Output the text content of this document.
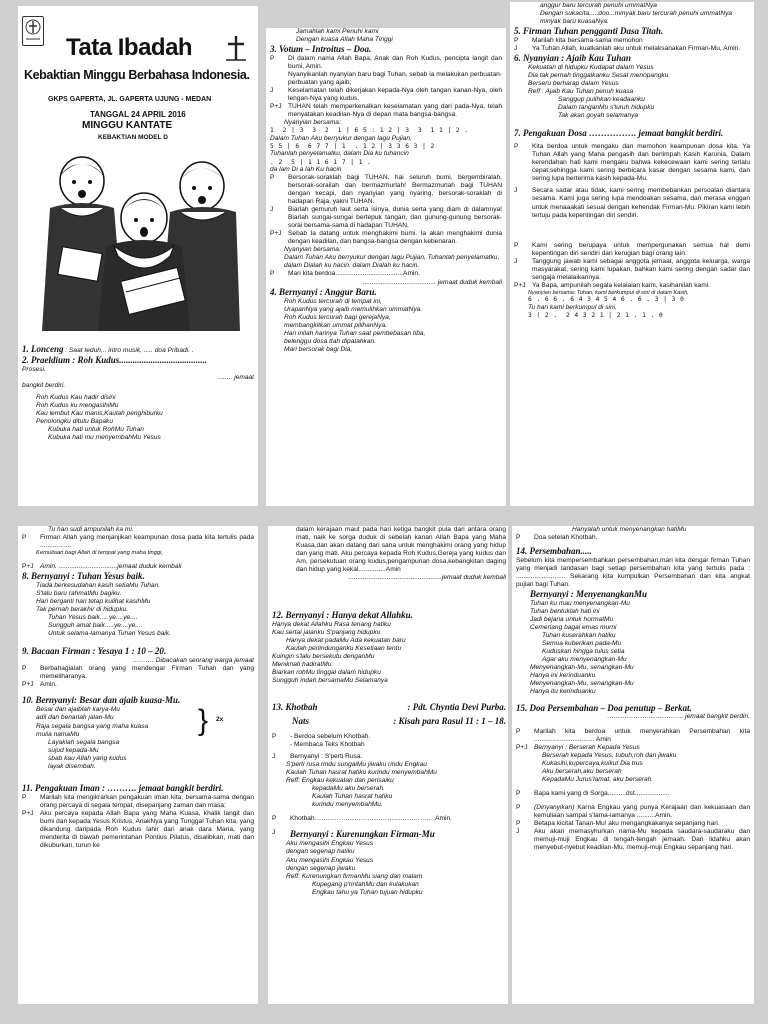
Tata Ibadah
Kebaktian Minggu Berbahasa Indonesia.
GKPS GAPERTA, JL. GAPERTA UJUNG - MEDAN
TANGGAL 24 APRIL 2016
MINGGU KANTATE
KEBAKTIAN MODEL D
1. Lonceng : Saat teduh,.. intro musik, ..... doa Pribadi. .
2. Praeldium : Roh Kudus.......................................
Prosesi.
........ jemaat
bangkit berdiri.
Roh Kudus Kau hadir disini
Roh Kudus ku mengasihiMu
Kau lembut Kau manis,Kaulah penghiburku
Penolongku ditutu Bapaku
Kubuka hati untuk RohMu Tuhan
Kubuka hati mu menyembahMu Yesus
Jamahlah kami Penuhi kami
Dengan kuasa Allah Maha Tinggi
3. Votum – Introitus – Doa.
P	Di dalam nama Allah Bapa, Anak dan Roh Kudus, pencipta langit dan bumi, Amin.
Nyanyikanlah nyanyian baru bagi Tuhan, sebab ia melakukan perbuatan-perbuatan yang ajaib;
J	Keselamatan telah dikerjakan kepada-Nya oleh tangan kanan-Nya, oleh lengan-Nya yang kudus.
P+J TUHAN telah memperkenalkan keselamatan yang dari pada-Nya, telah menyatakan keadilan-Nya di depan mata bangsa-bangsa.
Nyanyian bersama:
1  2 | 3  3  2  1 | 6 5 : 1 2 | 3  3  1 1 | 2 .
Dalam Tuhan Aku berryukur dengan lagu Pujian,
5 5 | 6  6 7 7 | 1  . 1 2 | 3 3 6 3 | 2
Tuhanlah penyelamatku, dalam Dia ku tuhancin
. 2  5 | 1 1 6 1 7 | 1 .
da lam Di a lah Ku hacin
P	Bersorak-soraklah bagi TUHAN, hai seluruh bumi, bergembiralah, bersorak-sorailah dan bermazmurlah! Bermazmurlah bagi TUHAN dengan kecapi, dan nyanyian yang nyaring, bersorak-soraklah di hadapan Raja, yakni TUHAN.
J	Biarlah gemuruh laut serta isinya, dunia serta yang diam di dalamnya! Biarlah sungai-sungai bertepuk tangan, dan gunung-gunung bersorak-sorai bersama-sama di hadapan TUHAN,
P+J Sebab Ia datang untuk menghakimi bumi. Ia akan menghakimi dunia dengan keadilan, dan bangsa-bangsa dengan kebenaran.
Nyanyian bersama:
Dalam Tuhan Aku berryukur dengan lagu Pujian, Tuhanlah penyelamatku, dalam Dialah ku hacin. dalam Dialah ku hacin.
P	Mari kita berdoa.....................................Amin.
........................................ jemaat duduk kembali
4. Bernyanyi : Anggur Baru.
Roh Kudus tercurah di tempat ini,
UrapanNya yang ajaib memulihkan ummatNya.
Roh Kudus tercurah bagi gerejaNya,
membangkitkan ummat pilihanNya.
Hari inilah harinya Tuhan saat pembebasan tiba,
belenggu dosa ttah dipatahkan.
Mari bersorak bagi Dia,
anggur baru tercurah penuhi ummatNya
Dengan sukacita.....doo...minyak baru tercurah penuhi ummatNya minyak baru kuasaNya.
5. Firman Tuhan pengganti Dasa Titah.
P	Marilah kita bersama-sama memohon
J	Ya Tuhan Allah, kuatkanlah aku untuk melaksanakan Firman-Mu, Amin.
6. Nyanyian : Ajaib Kau Tuhan
Kekuatan di hidupku Kudapat dalam Yesus
Dia tak pernah tinggalkanku Sesat menopangku
Berseru berharap dalam Yesus
Reff : Ajaib Kau Tuhan penuh kuasa
Sanggup pulihkan keadaanku
Dalam tanganMu s'luruh hidupku
Tak akan goyah selamanya
7. Pengakuan Dosa ……………. jemaat bangkit berdiri.
P	Kita berdoa untuk mengaku dan memohon keampunan dosa kita. Ya Tuhan Allah yang Maha pengasih dan berlimpah Kasih Karunia, Dalam kerendahan hati kami mengaku bahwa kekecewaan kami sering terlalu cepat,sehingga kami sering berbicara kasar dengan sesama kami, dan sering lupa berterima kasih kepada-Mu.
J	Secara sadar atau tidak, kami sering membebankan persoalan diantara sesama. Kami juga sering lupa mendoakan sesama, dan merasa enggan untuk menaaakati sesuai dengan kehendak Firman-Mu. Pikiran kami lebih tertuju pada kepentingan diri sendiri.
P	Kami sering berupaya untuk mempergunakan semua hal demi kepentingan diri sendiri dan kerugian bagi orang lain.
J	Tanggung jawab kami sebagai anggota jemaat, anggota keluarga, warga masyarakat, sering kami lupakan, bahkan kami sering dengan sadar dan sengaja melalaikannya.
P+J Ya Bapa, ampunilah segala kelalaian kami, kasihanilah kami.
Nyanyian bersama: Tuhan, kami berkumpul di sini di dalam Kasih,
6 . 6 6 . 6 4 3 4 5 4 6 . 6 . 3 | 3 0
Tu han kami berkumpul di sini,
3 ( 2 .  2 4 3 2 1 | 2 1 . 1 . 0
Tu han sudi ampunilah ka mi.
P	Firman Allah yang menjanjikan keampunan dosa pada kita tertulis pada .................
Kemuliaan bagi Allah di tempat yang maha tinggi,
P+J Amin. ................................jemaat duduk kembali
8. Bernyanyi : Tuhan Yesus baik.
Tiada berkesudahan kasih setiaMu Tuhan.
S'lalu baru rahmatMu bagiku.
Hari berganti hari tetap kulihat kasihMu
Tak pernah berakhir di hidupku.
Tuhan Yesus baik.....ye....ye....
Sungguh amat baik.....ye....ye....
Untuk selama-lamanya Tuhan Yesus baik.
9. Bacaan Firman : Yesaya 1 : 10 – 20.
………. Dibacakan seorang warga jemaat
P	Berbahagialah orang yang mendengar Firman Tuhan dan yang memeliharanya.
P+J Amin.
10. Bernyanyi: Besar dan ajaib kuasa-Mu.
Besar dan ajaiblah karya-Mu
adil dan benarlah jalan-Mu
Raja segala bangsa yang maha kuasa
mulia namaMu	} 2x
Layaklah segala bangsa
sujud kepada-Mu
sbab kau Allah yang kudus
layak disembah.
11. Pengakuan Iman : ………. jemaat bangkit berdiri.
P	Marilah kita mengikrarkan pengakuan iman kita, bersama-sama dengan orang percaya di segala tempat, disepanjang zaman dan masa;
P+J Aku percaya kepada Allah Bapa yang Maha Kuasa, khalik langit dan bumi dan kepada Yesus Kristus, AnakNya yang Tunggal Tuhan kita, yang dikandung daripada Roh Kudus lahir dari anak dara Maria, yang menderita di bawah pemerintahan Pontius Pilatus, disalibkan, mati dan dikuburkan, turun ke
dalam kerajaan maut pada hari ketiga bangkit pula dari antara orang mati, naik ke sorga duduk di sebelah kanan Allah Bapa yang Maha Kuasa,dan akan datang dari sana untuk menghakimi orang yang hidup dan yang mati. Aku percaya kepada Roh Kudus,Gereja yang kudus dan Am, persekutuan orang kudus,pengampunan dosa,kebangkitan daging dan hidup yang kekal...............Amin
...................................................jemaat duduk kembali
12. Bernyanyi : Hanya dekat Allahku.
Hanya dekat Allahku Rasa tenang hatiku
Kau sertai jalanku S'panjang hidupku
Hanya dekat padaMu Ada kekuatan baru
Kaulah perlindunganku Kesetiaan tentu
Kuingin s'lalu bersekutu denganMu
Meniknati hadiratMu
Biarkan rohMu tinggal dalam hidupku
Sungguh indah bersamaMu Selamanya
13. Khotbah	: Pdt. Chyntia Devi Purba.
Nats	: Kisah para Rasul 11 : 1 – 18.
P	- Berdoa sebelum Khotbah.
- Membaca Teks Khotbah
J	Bernyanyi : S'perti Rusa.
S'perti rusa rindu sungaiMu jiwaku rindu Engkau
Kaulah Tuhan hasrat hatiku kurindu menyembahMu
Reff: Engkau kekuatan dan perisaiku
kepadaMu aku berserah.
Kaulah Tuhan hasrat hatiku
kurindu menyembahMu.
P	Khotbah……………………………………………….Amin.
J	Bernyanyi : Kurenungkan Firman-Mu
Aku mengasihi Engkau Yesus
dengan segenap hatiku
Aku mengasihi Engkau Yesus
dengan segenap jiwaku
Reff: Kurenungkan firmanMu siang dan malam
Kupegang p'rintahMu dan kulakukan
Engkau tahu ya Tuhan tujuan hidupku
Hanyalah untuk menyenangkan hatiMu
P	Doa setelah Khotbah.
14. Persembahan.....
Sebelum kita mempersembahkan persembahan,mari kita dengar firman Tuhan yang menjadi landasan bagi setiap persembahan kita yang tertulis pada : ........................... Sekarang kita kumpulkan Persembahan dan kita angkat pujian bagi Tuhan.
Bernyanyi : MenyenangkanMu
Tuhan ku mau menyenangkan-Mu
Tuhan bentuklah hati ini
Jadi bejana untuk hormatMu
Cemerlang bagai emas murni
Tuhan kuserahkan hatiku
Semua kuberikan pada-Mu
Kuduskan hingga tulus setia
Agar aku menyenangkan-Mu
Menyenangkan-Mu, senangkan-Mu
Hanya ini kerinduanku
Menyenangkan-Mu, senangkan-Mu
Hanya itu kerinduanku
15. Doa Persembahan – Doa penutup – Berkat.
…………………………….. jemaat bangkit berdiri.
P	Marilah kita berdoa untuk menyerahkan Persembahan kita ................................. Amin
P+J Bernyanyi : Berserah Kepada Yesus
Berserah kepada Yesus, tubuh,roh dan jiwaku
Kukasihi,kupercaya,kuikut Dia trus
Aku berserah,aku berserah
KepadaMu Jurus'lamat, aku berserah.
P	Bapa kami yang di Sorga,.........dst...................
P	(Dinyanyikan) Karna Engkau yang punya Kerajaan dan kekuasaan dan kemuliaan sampai s'lama-lamanya ..........Amin.
P	Betapa kicitat Tanan-Mu! aku mengangkakanya sepanjang hari.
J	Aku akan memasyhurkan nama-Mu kepada saudara-saudaraku dan memuji-muji Engkau di tengah-tengah jemaah. Dan lidahku akan menyebut-nyebut keadilan-Mu, memuji-muji Engkau sepanjang hari.
